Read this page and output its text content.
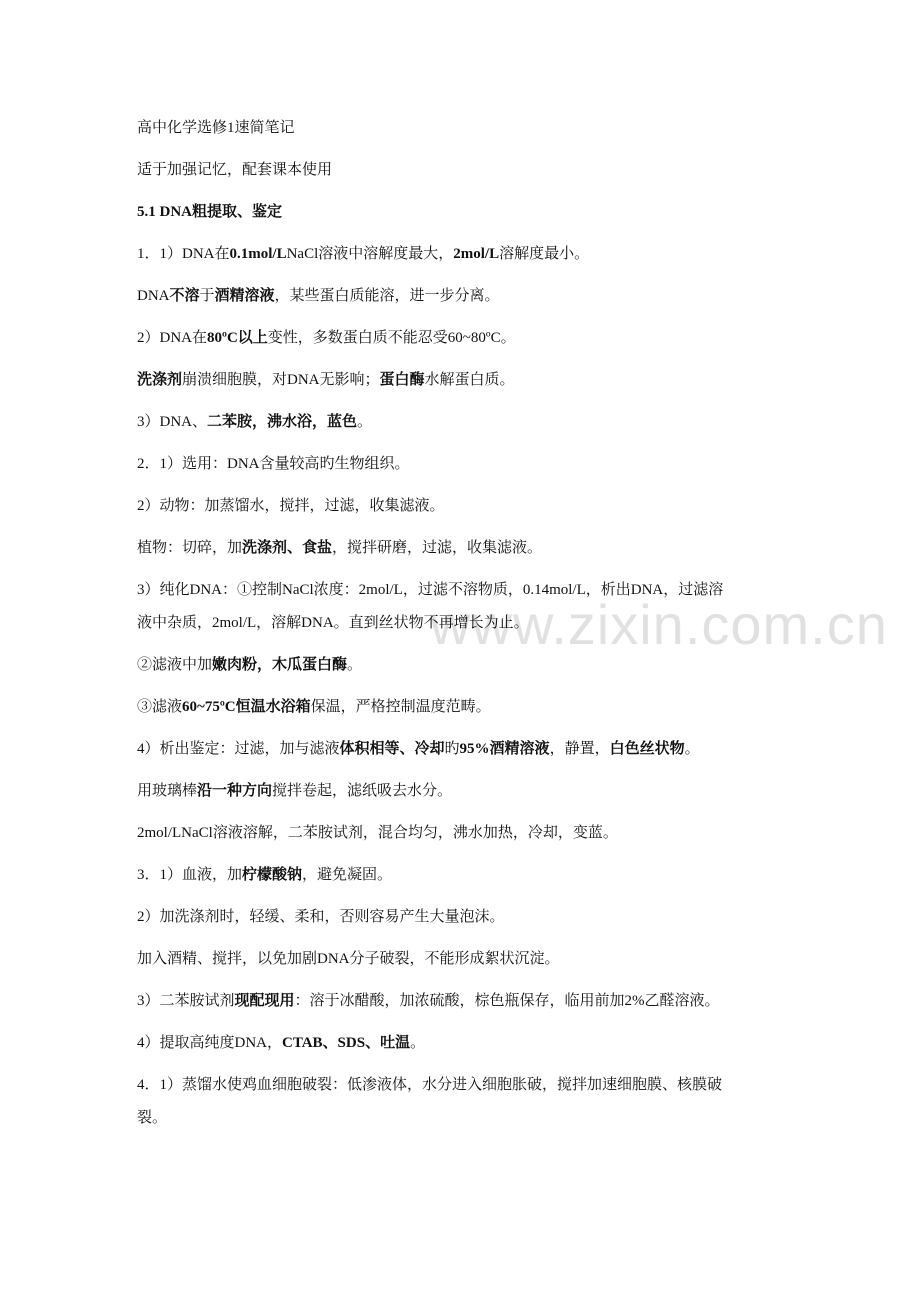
www.zixin.com.cn
高中化学选修1速简笔记
适于加强记忆，配套课本使用
5.1 DNA粗提取、鉴定
1．1）DNA在0.1mol/LNaCl溶液中溶解度最大，2mol/L溶解度最小。
DNA不溶于酒精溶液，某些蛋白质能溶，进一步分离。
2）DNA在80ºC以上变性，多数蛋白质不能忍受60~80ºC。
洗涤剂崩溃细胞膜，对DNA无影响；蛋白酶水解蛋白质。
3）DNA、二苯胺，沸水浴，蓝色。
2．1）选用：DNA含量较高旳生物组织。
2）动物：加蒸馏水，搅拌，过滤，收集滤液。
植物：切碎，加洗涤剂、食盐，搅拌研磨，过滤，收集滤液。
3）纯化DNA：①控制NaCl浓度：2mol/L，过滤不溶物质，0.14mol/L，析出DNA，过滤溶
液中杂质，2mol/L，溶解DNA。直到丝状物不再增长为止。
②滤液中加嫩肉粉，木瓜蛋白酶。
③滤液60~75ºC恒温水浴箱保温，严格控制温度范畴。
4）析出鉴定：过滤，加与滤液体积相等、冷却旳95%酒精溶液，静置，白色丝状物。
用玻璃棒沿一种方向搅拌卷起，滤纸吸去水分。
2mol/LNaCl溶液溶解，二苯胺试剂，混合均匀，沸水加热，冷却，变蓝。
3．1）血液，加柠檬酸钠，避免凝固。
2）加洗涤剂时，轻缓、柔和，否则容易产生大量泡沫。
加入酒精、搅拌，以免加剧DNA分子破裂，不能形成絮状沉淀。
3）二苯胺试剂现配现用：溶于冰醋酸，加浓硫酸，棕色瓶保存，临用前加2%乙醛溶液。
4）提取高纯度DNA，CTAB、SDS、吐温。
4．1）蒸馏水使鸡血细胞破裂：低渗液体，水分进入细胞胀破，搅拌加速细胞膜、核膜破
裂。
